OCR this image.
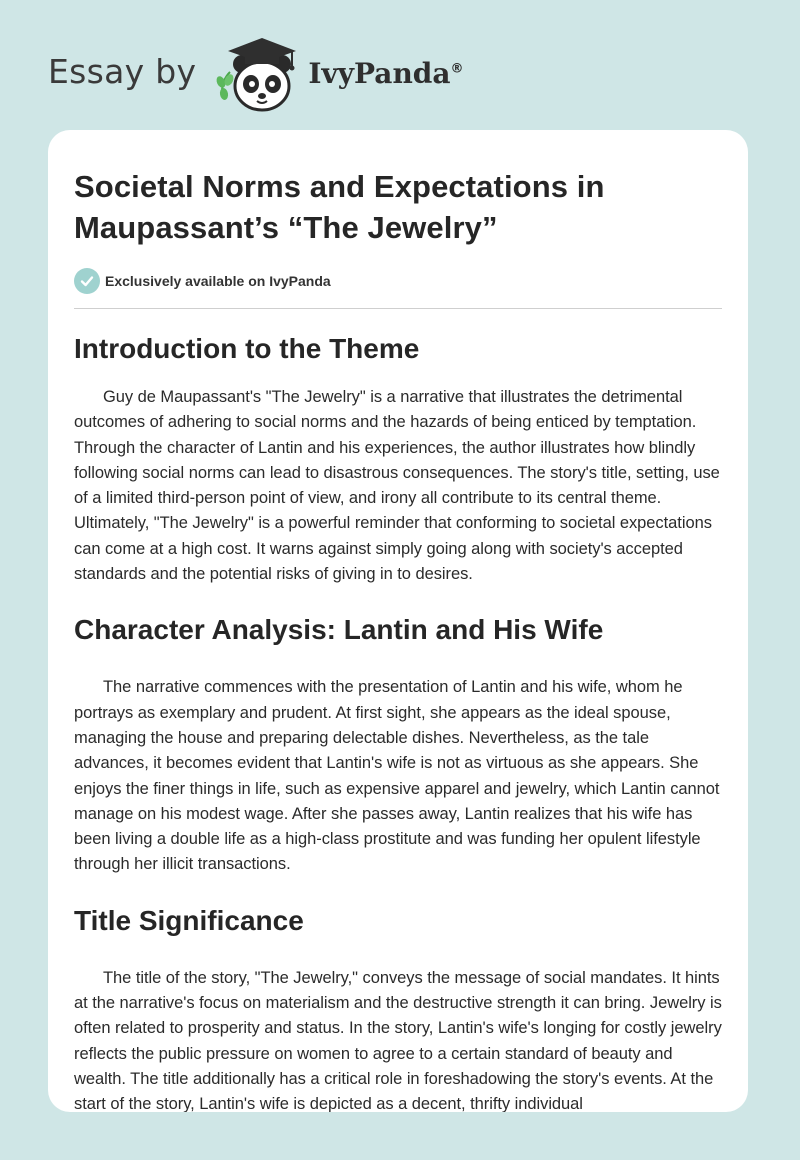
Essay by	IvyPanda®
Societal Norms and Expectations in Maupassant’s “The Jewelry”
Exclusively available on IvyPanda
Introduction to the Theme

Guy de Maupassant's "The Jewelry" is a narrative that illustrates the detrimental outcomes of adhering to social norms and the hazards of being enticed by temptation. Through the character of Lantin and his experiences, the author illustrates how blindly following social norms can lead to disastrous consequences. The story's title, setting, use of a limited third-person point of view, and irony all contribute to its central theme. Ultimately, "The Jewelry" is a powerful reminder that conforming to societal expectations can come at a high cost. It warns against simply going along with society's accepted standards and the potential risks of giving in to desires.

Character Analysis: Lantin and His Wife

The narrative commences with the presentation of Lantin and his wife, whom he portrays as exemplary and prudent. At first sight, she appears as the ideal spouse, managing the house and preparing delectable dishes. Nevertheless, as the tale advances, it becomes evident that Lantin's wife is not as virtuous as she appears. She enjoys the finer things in life, such as expensive apparel and jewelry, which Lantin cannot manage on his modest wage. After she passes away, Lantin realizes that his wife has been living a double life as a high-class prostitute and was funding her opulent lifestyle through her illicit transactions.

Title Significance

The title of the story, "The Jewelry," conveys the message of social mandates. It hints at the narrative's focus on materialism and the destructive strength it can bring. Jewelry is often related to prosperity and status. In the story, Lantin's wife's longing for costly jewelry reflects the public pressure on women to agree to a certain standard of beauty and wealth. The title additionally has a critical role in foreshadowing the story's events. At the start of the story, Lantin's wife is depicted as a decent, thrifty individual
